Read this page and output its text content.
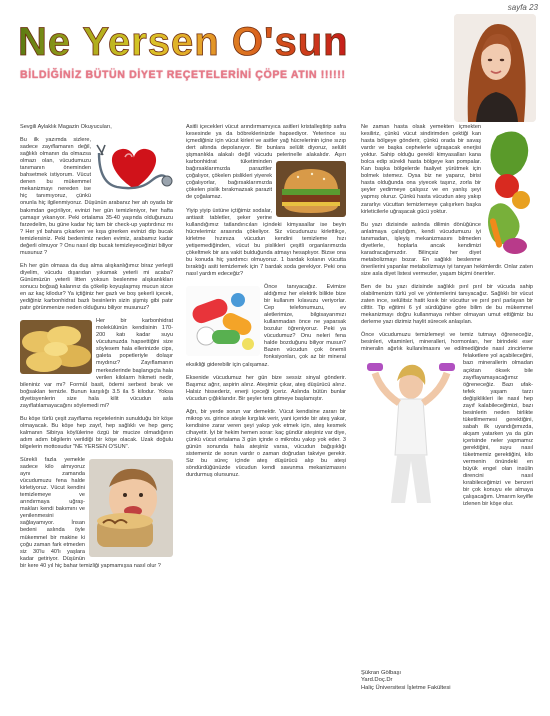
sayfa 23
Ne Yersen O'sun
BİLDİĞİNİZ BÜTÜN DİYET REÇETELERİNİ ÇÖPE ATIN !!!!!!

Sevgili Aylaklık Magazin Okuyucuları,

Bu ilk yazımda sizlere, sadece zayıflamanın değil, sağlıklı olmanın da olmazsa olmazı olan, vücudumuzu tanımanın öneminden bahsetmek istiyorum. Vücut denen bu mükemmel mekanizmayı nereden ise hiç tanımıyoruz, çünkü onunla hiç ilgilenmiyoruz. Düşünün arabanız her ah oyada bir bakımdan geçiriliyor, evinizi her gün temizleniyor, her hafta çamaşır yıkanıyor. Peki ortalama 35-40 yaşında olduğunuzu farzedelim, bu güne kadar hiç tam bir check-up yaptırdınız mı ? Her yıl bahara çıkarken ve kışa girerken evinizi dip bucak temizlersiniz. Peki bedenimiz neden evimiz, arabamız kadar değerli olmuyor ? Onu nasıl dip bucak temizleyeceğinizi biliyor musunuz ?

Eh her gün olmasa da duş alma alışkanlığımız biraz yerleşti diyelim, vücudu dışarıdan yıkamak yeterli mi acaba? Günümüzün yeterli litten yoksun beslenme alışkanlıkları sonucu boğsağ kalarınız da çökelip koyuşlaşmış mucun sizce en az kaç kilodur? Ya içtiğiniz her gazlı ve boş şekerli içecek, yediğiniz karbonhidrat bazlı besinlerin sizin şişmiş gibi patır patır görünmenize neden olduğunu biliyor musunuz?

Her bir karbonhidrat molekülünün kendisinin 170-200 katı kadar suyu vücutunuzda hapsettiğini size söylesem hala ellerinizde cips, galeta popetleriyle dolaşır mıydınız? Zayıflamanın merkezlerinde başlangıçta hala verilen kilolarm hikmeti nedir, bileniniz var mı? Formül basit, ödemi serbest bırak ve boğsakları temizle. Bunun karşılığı 3.5 ila 5 kilodur. Yoksa diyetisyenlerin size hala kilit vücudun asla zayıflatılamayacağını söylemedi mi?

Bu köşe türlü çeşit zayıflama reçetelerinin sunulduğu bir köşe olmayacak. Bu köşe hep zayıf, hep sağlıklı ve hep genç kalmanın Sibirya köylülerine özgü bir mucize olmadığının adım adım bilgilerin verildiği bir köşe olacak. Uzak doğulu bilgelerin mottosudur "NE YERSEN O'SUN".

Sürekli fazla yemekle sadece kilo almıyoruz aynı zamanda vücudumuzu fena halde kirletiyoruz. Vücut kendini temizlemeye ve arındırmaya uğraş- makları kendi bakımını ve yenilenmesini sağlayamıyor. İnsan bedeni aslında öyle mükemmel bir makine ki çoğu zaman fark etmeden siz 30'lu 40'lı yaşlara kadar getiriyor. Düşünün bir kere 40 yıl hiç bahar temizliği yapmamışsa nasıl olur ?

Asitli içecekleri vücut arındırmamıyıca asitleri kristalleştirip safra kesesinde ya da böbreklerinizde hapsediyor. Yeterince su içmediğiniz için vücut kirleri ve asitler yağ hücrelerinin içine sızıp dert altında depolanıyor. Bir bunlara selülit diyoruz, selülit şişmanlıkla alakalı değil vücudu pelerinelle alakalıdır. Aşırı karbonhidrat tüketiminden bağırsaklarımızda parazitler çoğalıyor, çökelen pislikleri yiyerek çoğalıyorlar, bağırsaklarımızda çökelen pislik bırakmazsak parazit de çoğalamaz.

Yiyip yiyip üstüne içtiğimiz sodalar, antiasit tabletler, şeker yerine kullandığımız tatlandırıcıları içindeki kimyasallar ise beyin hücrelerimiz arasında çökeliyor. Siz vücudunuzu kirlettikçe, kirletme hızınıza vücudun kendini temizleme hızı yetişemediğinden, vücut bu pislikleri çeşitli organlarımızda çökeltmek bir ara vakit bulduğunda atmayı hesaplıyor. Bizse ona bu konuda hiç yardımcı olmuyoruz. 1 bardak kolanın vücutta bıraktığı asiti temizlemek için 7 bardak soda gerekiyor. Peki ona nasıl yardım edeceğiz?

Önce tanıyacağız. Evimize aldığımız her elektrik bilikte bize bir kullanım kılavuzu veriyorlar. Cep telefonumuzu, ev aletlerimize, bilgisayarımızı kullanmadan önce ne yaparsak bozulur öğreniyoruz. Peki ya vücudumuz? Onu neleri fena halde bozduğunu biliyor musun? Bazen vücudun çok önemli fonksiyonları, çok az bir mineral eksikliği giderebilir için çalışamaz.

Eksenide vücudumuz her gün bize sessiz sinyal gönderir. Başımız ağrır, aspirin alırız. Ateşimiz çıkar, ateş düşürücü alırız. Halsiz hissederiz, enerji içeceği içeriz. Aslında bütün bunlar vücudun çığlıklarıdır. Bir şeyler ters gitmeye başlamıştır.

Ağrı, bir yerde sorun var demektir. Vücut kendisine zararı bir mikrop vs. girince ateşle kırgılak verir, yani içeride bir ateş yakar, kendisine zarar veren şeyi yakıp yok etmek için, ateş kesmek cihayetir. İyi bir hekim hemen sorar: kaç gündür ateşiniz var diye, çünkü vücut ortalama 3 gün içinde o mikrobu yakıp yok eder. 3 günün sonunda hala ateşiniz varsa, vücudun bağışıklığı sistemeniz de sorun vardır o zaman doğrudan takviye gerekir. Siz bu süreç içinde ateş düşürücü alıp bu ateşi söndürdüğünüzde vücudun kendi savunma mekanizmasını durdurmuş olursunuz.

Ne zaman hasta olsak yemekten içmekten kesiliriz, çünkü vücut sindirimden çektiği kan hasta bölgeye gönderir, çünkü orada bir savaş vardır ve başka cephelerle uğraşacak enerjisi yoktur. Sahip olduğu gerekli kimyasalları kana bolca edip sürekli hasta bölgeye kan pompalar. Kan başka bölgelerde faaliyet yürütmek için bolmek istemez. Oysa biz ne yaparız, birisi hasta olduğunda ona yiyecek taşırız, zorla bir şeyler yedirmeye çalışsız ve en yanlış şeyi yapmış oluruz. Çünkü hasta vücudun ateş yakıp zararlıyı vücuttan temizlemeye çalışırken başka kirleticilerle uğraşacak gücü yoktur.

Bu yazı dizisinde aslında dilimin dönüğünce anlatmaya çalıştığım, kendi vücudumuzu iyi tanımadan, işleyiş mekanizmasını bilmeden diyetlerle, hoplarla ancak kendimizi karadracağımızdır. Bilinçsiz her diyet metabolizmayı bozar. En sağlıklı beslenme önerilerini yapanlar metabolizmayı iyi tanıyan hekimlerdir. Onlar zaten size asla diyet listesi vermezler, yaşam biçimi önerirler.

Ben de bu yazı dizisinde sağlıklı pırıl pırıl bir vücuda sahip olabilmenizin türlü yol ve yöntemlerini tanıyacağız. Sağlıklı bir vücut zaten ince, selülitsiz hatit kısık bir vücuttur ve pırıl pırıl parlayan bir cilttir. Tip eğitimi 6 yıl sürdüğüne göre bilim de bu mükemmel mekanizmayı doğru kullanmaya rehber olmayan umut ettiğimiz bu derlerne yazı dizimiz haylit sürecek anlaşılan.

Önce vücudumuzu temizlemeyi ve temiz tutmayı öğreneceğiz, besinleri, vitaminleri, mineralleri, hormonları, her birindeki eser mineralin ağırlık kullanılmasını ve edilmediğinde nasıl zincirleme felaketlere yol açabileceğini, bazı minerallerin olmadan açıktan öksek bile zayıflayamayacağımız öğreneceğiz. Bazı ufak-tefek yaşam tarzı değişiklikleri ile nasıl hep zayıf kalabileceğimizi, bazı besinlerin neden birlikte tüketilmemesi gerektiğini, sabah ilk uyandığımızda, akşam yatarken ya da gün içerisinde neler yapmamız gerektiğini, suyu nasıl tüketmemiz gerektiğini, kilo vermenin önündeki en büyük engel olan insülin direncini nasıl kırabileceğimizi ve benzeri bir çok konuyu ele almaya çalışacağım. Umarım keyifle izlenen bir köşe olur.

Şükran Gölbaşı
Yard.Doç.Dr
Haliç Üniversitesi İşletme Fakültesi
